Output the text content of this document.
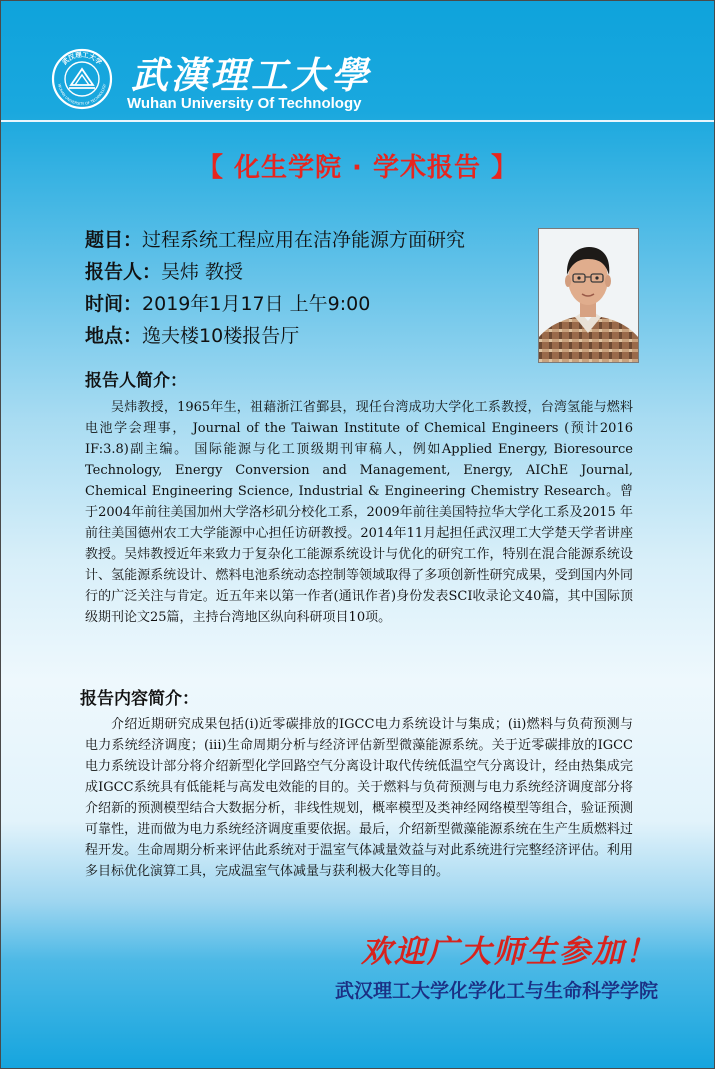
武汉理工大学
WUHAN UNIVERSITY OF TECHNOLOGY 武漢理工大學
Wuhan University Of Technology
【 化生学院 · 学术报告 】
题目：过程系统工程应用在洁净能源方面研究
报告人：吴炜 教授
时间：2019年1月17日 上午9:00
地点：逸夫楼10楼报告厅
报告人简介：

吴炜教授，1965年生，祖藉浙江省鄞县，现任台湾成功大学化工系教授，台湾氢能与燃料电池学会理事， Journal of the Taiwan Institute of Chemical Engineers (预计2016 IF:3.8)副主编。 国际能源与化工顶级期刊审稿人，例如Applied Energy, Bioresource Technology, Energy Conversion and Management, Energy, AIChE Journal, Chemical Engineering Science, Industrial & Engineering Chemistry Research。曾于2004年前往美国加州大学洛杉矶分校化工系，2009年前往美国特拉华大学化工系及2015 年前往美国德州农工大学能源中心担任访研教授。2014年11月起担任武汉理工大学楚天学者讲座教授。吴炜教授近年来致力于复杂化工能源系统设计与优化的研究工作，特别在混合能源系统设计、氢能源系统设计、燃料电池系统动态控制等领域取得了多项创新性研究成果，受到国内外同行的广泛关注与肯定。近五年来以第一作者(通讯作者)身份发表SCI收录论文40篇，其中国际顶级期刊论文25篇，主持台湾地区纵向科研项目10项。

报告内容简介：

介绍近期研究成果包括(i)近零碳排放的IGCC电力系统设计与集成；(ii)燃料与负荷预测与电力系统经济调度；(iii)生命周期分析与经济评估新型微藻能源系统。关于近零碳排放的IGCC电力系统设计部分将介绍新型化学回路空气分离设计取代传统低温空气分离设计，经由热集成完成IGCC系统具有低能耗与高发电效能的目的。关于燃料与负荷预测与电力系统经济调度部分将介绍新的预测模型结合大数据分析，非线性规划，概率模型及类神经网络模型等组合，验证预测可靠性，进而做为电力系统经济调度重要依据。最后，介绍新型微藻能源系统在生产生质燃料过程开发。生命周期分析来评估此系统对于温室气体减量效益与对此系统进行完整经济评估。利用多目标优化演算工具，完成温室气体减量与获利极大化等目的。

欢迎广大师生参加！
武汉理工大学化学化工与生命科学学院
